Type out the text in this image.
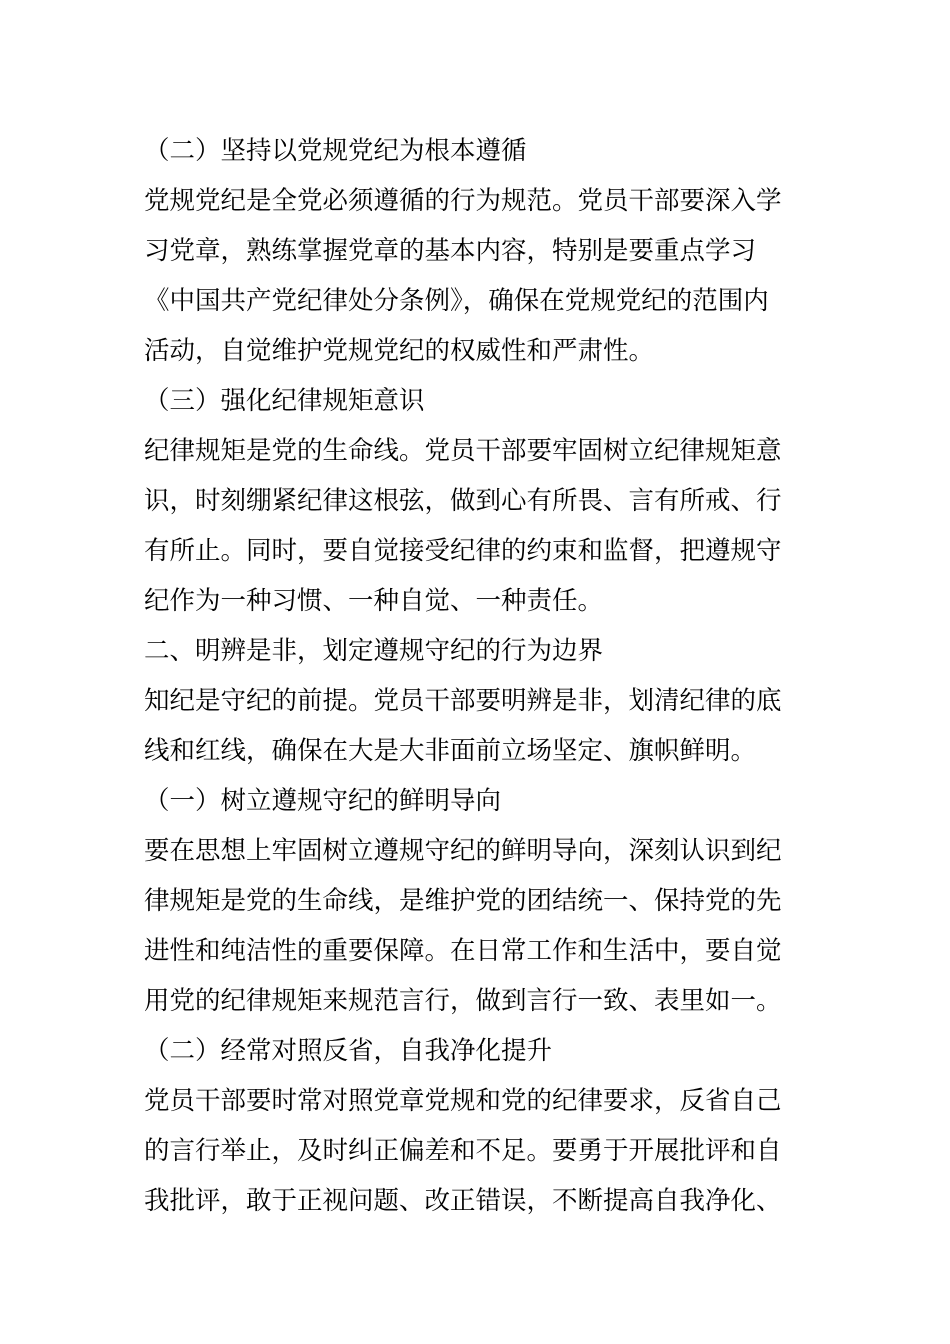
（二）坚持以党规党纪为根本遵循

党规党纪是全党必须遵循的行为规范。党员干部要深入学

习党章，熟练掌握党章的基本内容，特别是要重点学习

《中国共产党纪律处分条例》，确保在党规党纪的范围内

活动，自觉维护党规党纪的权威性和严肃性。

（三）强化纪律规矩意识

纪律规矩是党的生命线。党员干部要牢固树立纪律规矩意

识，时刻绷紧纪律这根弦，做到心有所畏、言有所戒、行

有所止。同时，要自觉接受纪律的约束和监督，把遵规守

纪作为一种习惯、一种自觉、一种责任。

二、明辨是非，划定遵规守纪的行为边界

知纪是守纪的前提。党员干部要明辨是非，划清纪律的底

线和红线，确保在大是大非面前立场坚定、旗帜鲜明。

（一）树立遵规守纪的鲜明导向

要在思想上牢固树立遵规守纪的鲜明导向，深刻认识到纪

律规矩是党的生命线，是维护党的团结统一、保持党的先

进性和纯洁性的重要保障。在日常工作和生活中，要自觉

用党的纪律规矩来规范言行，做到言行一致、表里如一。

（二）经常对照反省，自我净化提升

党员干部要时常对照党章党规和党的纪律要求，反省自己

的言行举止，及时纠正偏差和不足。要勇于开展批评和自

我批评，敢于正视问题、改正错误，不断提高自我净化、
